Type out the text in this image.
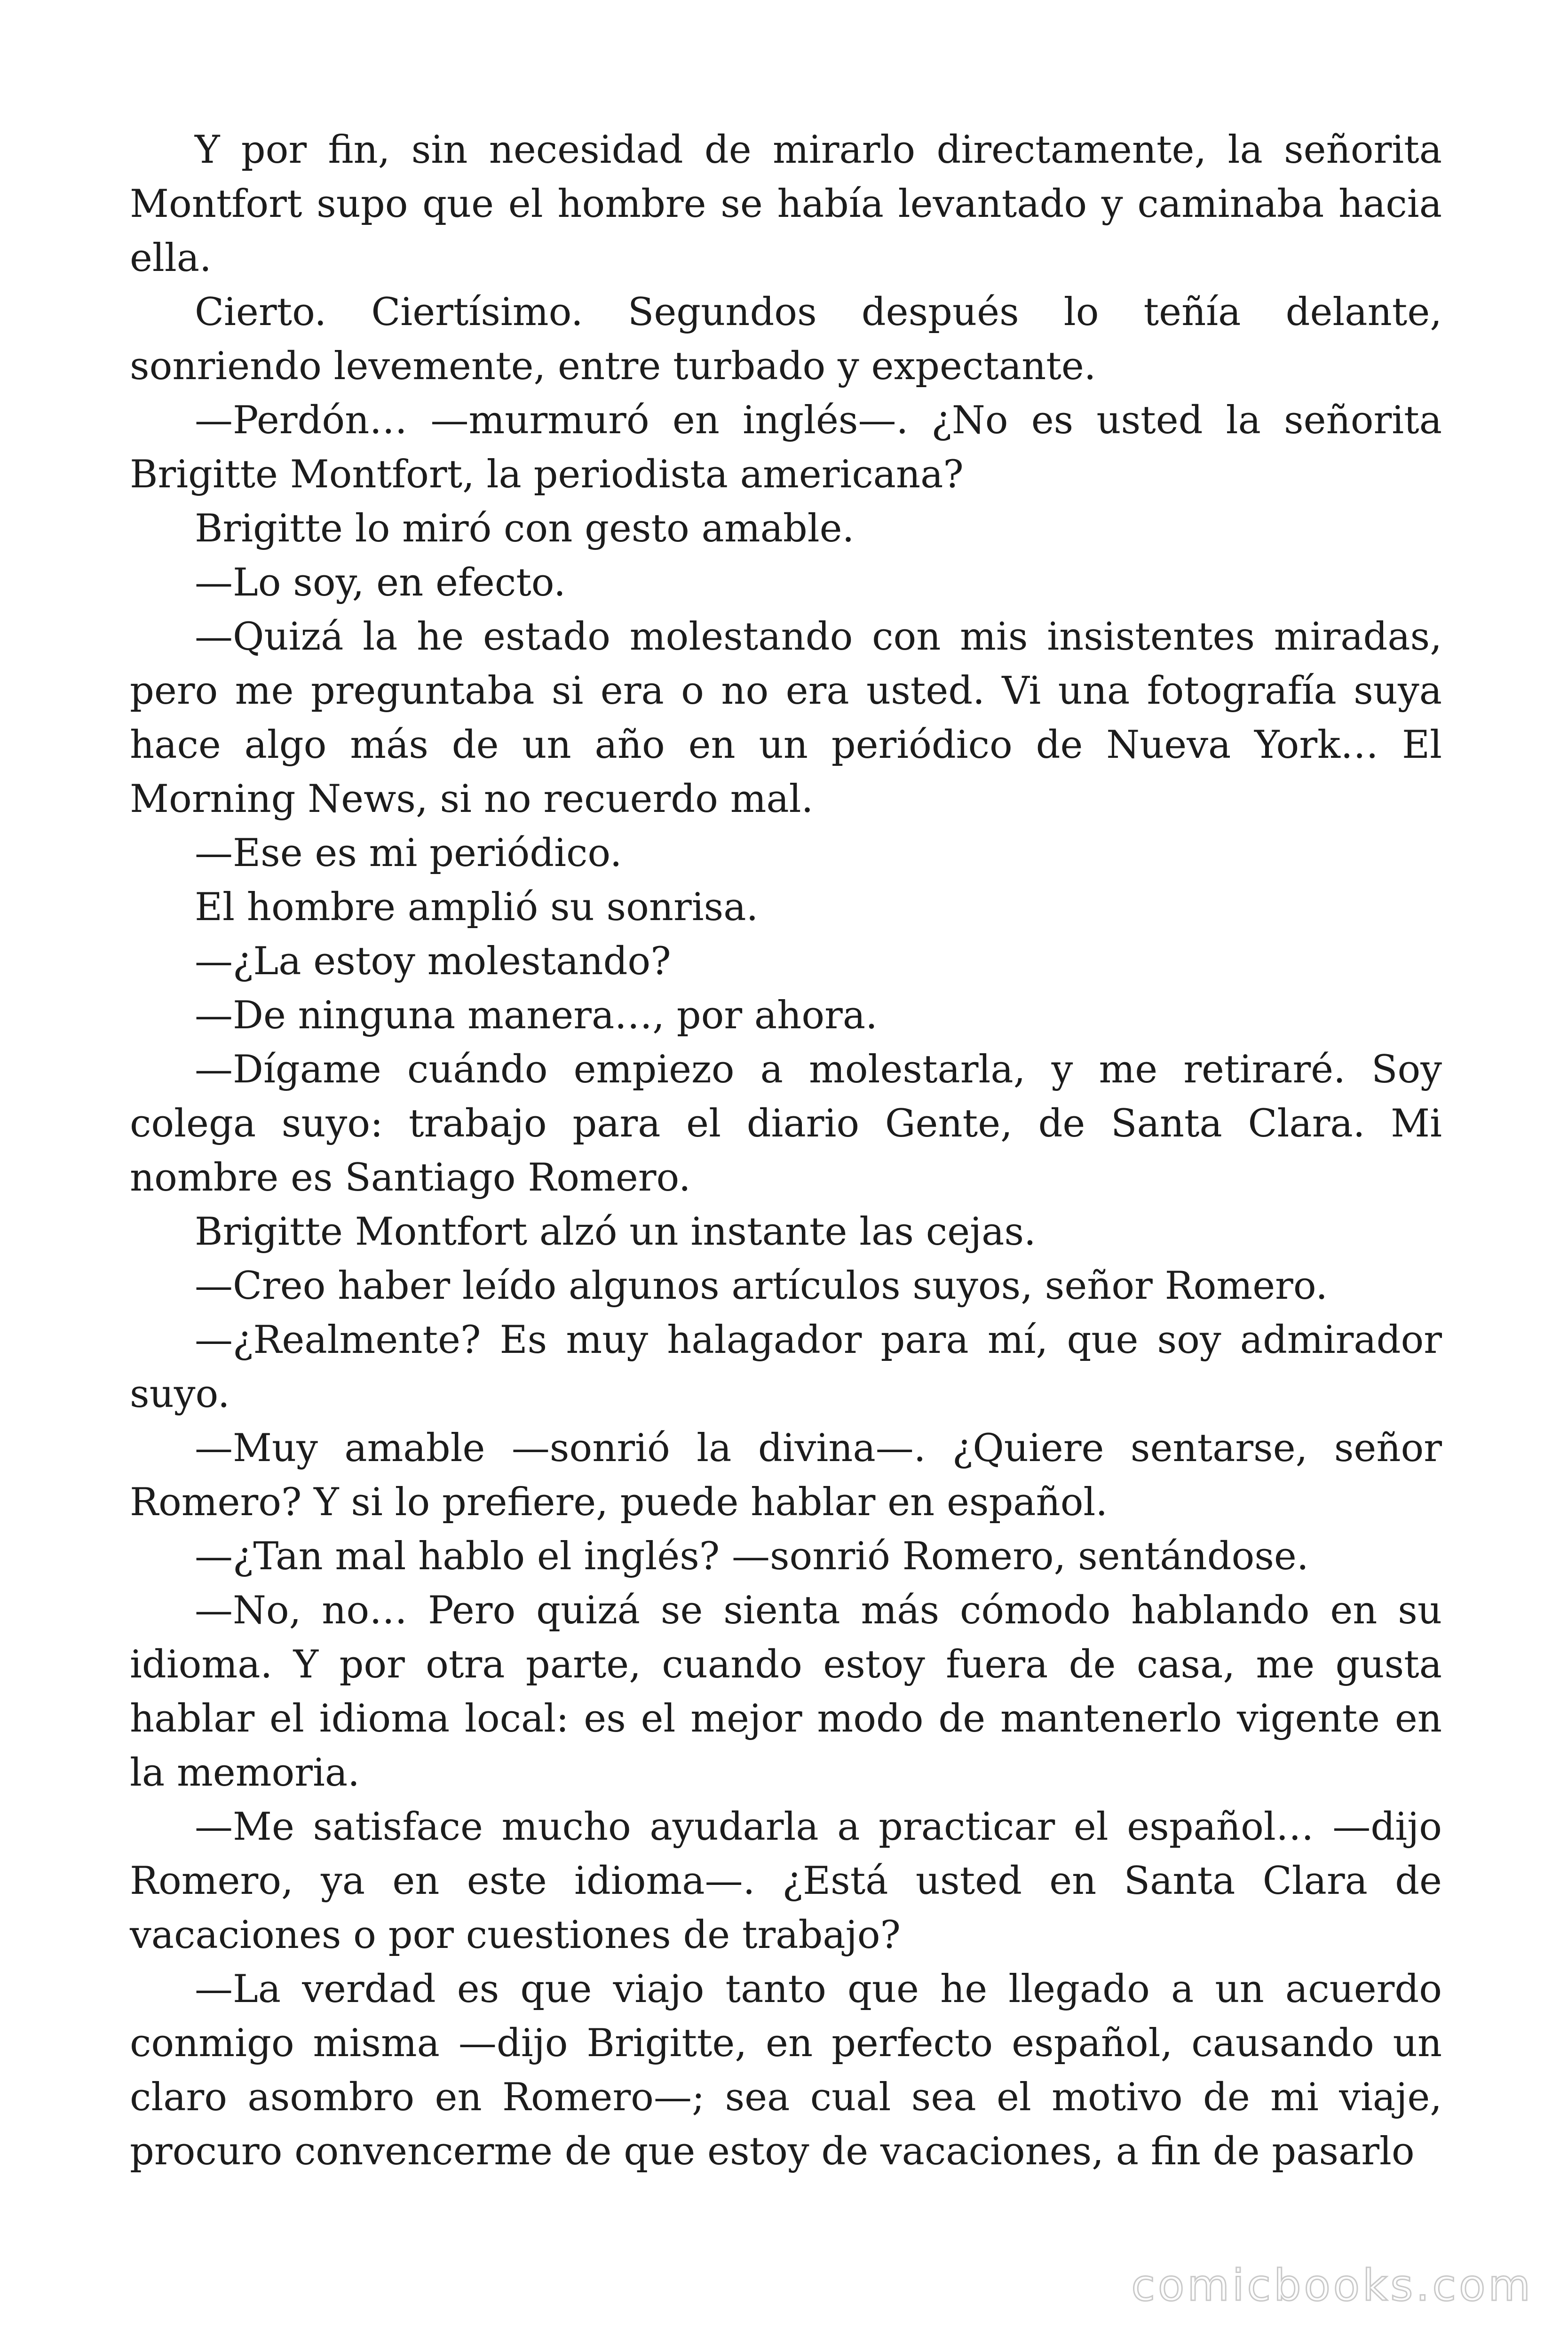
Y por fin, sin necesidad de mirarlo directamente, la señorita Montfort supo que el hombre se había levantado y caminaba hacia ella.

Cierto. Ciertísimo. Segundos después lo teñía delante, sonriendo levemente, entre turbado y expectante.

—Perdón… —murmuró en inglés—. ¿No es usted la señorita Brigitte Montfort, la periodista americana?

Brigitte lo miró con gesto amable.

—Lo soy, en efecto.

—Quizá la he estado molestando con mis insistentes miradas, pero me preguntaba si era o no era usted. Vi una fotografía suya hace algo más de un año en un periódico de Nueva York… El Morning News, si no recuerdo mal.

—Ese es mi periódico.

El hombre amplió su sonrisa.

—¿La estoy molestando?

—De ninguna manera…, por ahora.

—Dígame cuándo empiezo a molestarla, y me retiraré. Soy colega suyo: trabajo para el diario Gente, de Santa Clara. Mi nombre es Santiago Romero.

Brigitte Montfort alzó un instante las cejas.

—Creo haber leído algunos artículos suyos, señor Romero.

—¿Realmente? Es muy halagador para mí, que soy admirador suyo.

—Muy amable —sonrió la divina—. ¿Quiere sentarse, señor Romero? Y si lo prefiere, puede hablar en español.

—¿Tan mal hablo el inglés? —sonrió Romero, sentándose.

—No, no… Pero quizá se sienta más cómodo hablando en su idioma. Y por otra parte, cuando estoy fuera de casa, me gusta hablar el idioma local: es el mejor modo de mantenerlo vigente en la memoria.

—Me satisface mucho ayudarla a practicar el español… —dijo Romero, ya en este idioma—. ¿Está usted en Santa Clara de vacaciones o por cuestiones de trabajo?

—La verdad es que viajo tanto que he llegado a un acuerdo conmigo misma —dijo Brigitte, en perfecto español, causando un claro asombro en Romero—; sea cual sea el motivo de mi viaje, procuro convencerme de que estoy de vacaciones, a fin de pasarlo

comicbooks.com
